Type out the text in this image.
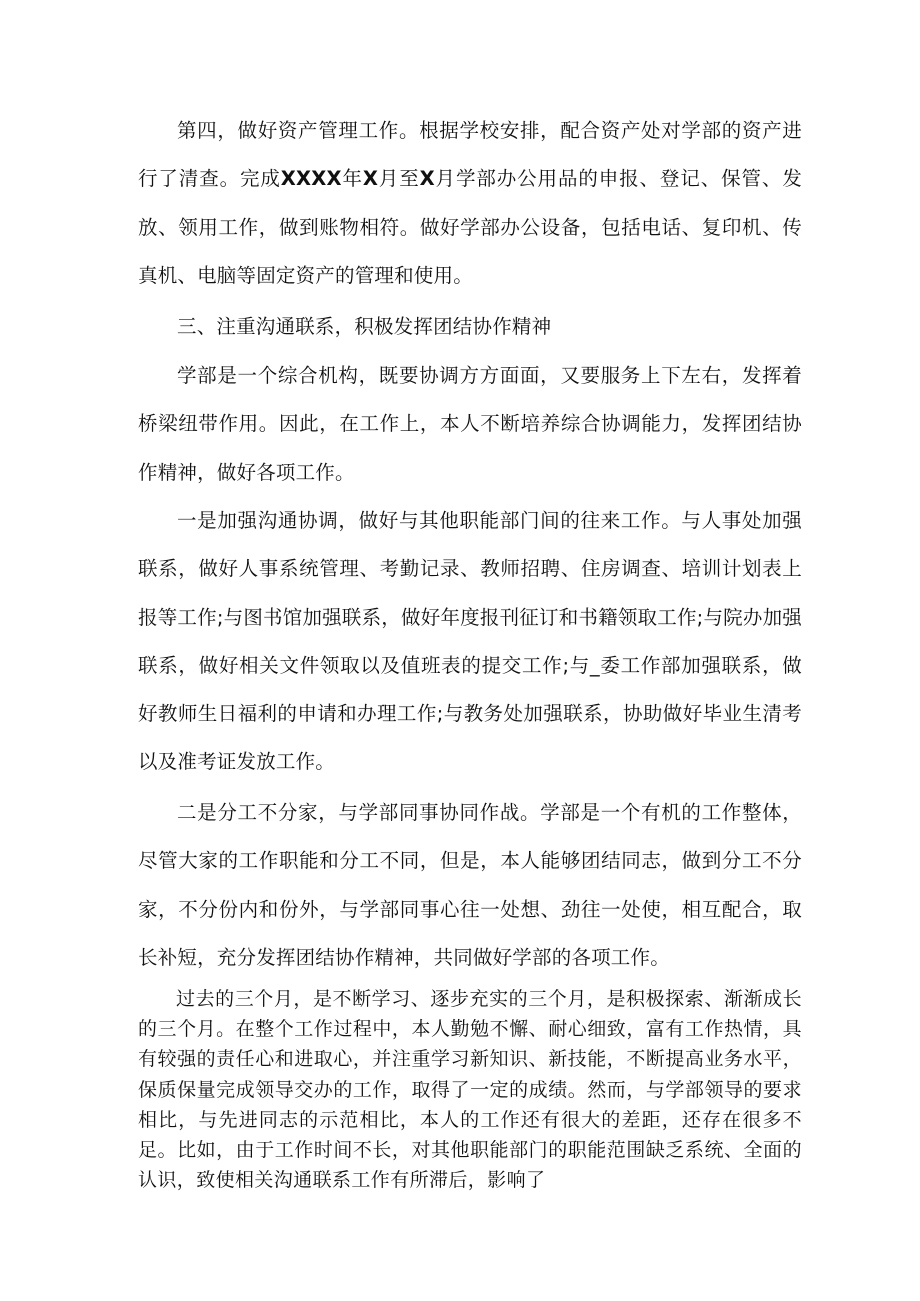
第四，做好资产管理工作。根据学校安排，配合资产处对学部的资产进行了清查。完成XXXX年X月至X月学部办公用品的申报、登记、保管、发放、领用工作，做到账物相符。做好学部办公设备，包括电话、复印机、传真机、电脑等固定资产的管理和使用。

三、注重沟通联系，积极发挥团结协作精神

学部是一个综合机构，既要协调方方面面，又要服务上下左右，发挥着桥梁纽带作用。因此，在工作上，本人不断培养综合协调能力，发挥团结协作精神，做好各项工作。

一是加强沟通协调，做好与其他职能部门间的往来工作。与人事处加强联系，做好人事系统管理、考勤记录、教师招聘、住房调查、培训计划表上报等工作;与图书馆加强联系，做好年度报刊征订和书籍领取工作;与院办加强联系，做好相关文件领取以及值班表的提交工作;与_委工作部加强联系，做好教师生日福利的申请和办理工作;与教务处加强联系，协助做好毕业生清考以及准考证发放工作。

二是分工不分家，与学部同事协同作战。学部是一个有机的工作整体，尽管大家的工作职能和分工不同，但是，本人能够团结同志，做到分工不分家，不分份内和份外，与学部同事心往一处想、劲往一处使，相互配合，取长补短，充分发挥团结协作精神，共同做好学部的各项工作。

过去的三个月，是不断学习、逐步充实的三个月，是积极探索、渐渐成长的三个月。在整个工作过程中，本人勤勉不懈、耐心细致，富有工作热情，具有较强的责任心和进取心，并注重学习新知识、新技能，不断提高业务水平，保质保量完成领导交办的工作，取得了一定的成绩。然而，与学部领导的要求相比，与先进同志的示范相比，本人的工作还有很大的差距，还存在很多不足。比如，由于工作时间不长，对其他职能部门的职能范围缺乏系统、全面的认识，致使相关沟通联系工作有所滞后，影响了
